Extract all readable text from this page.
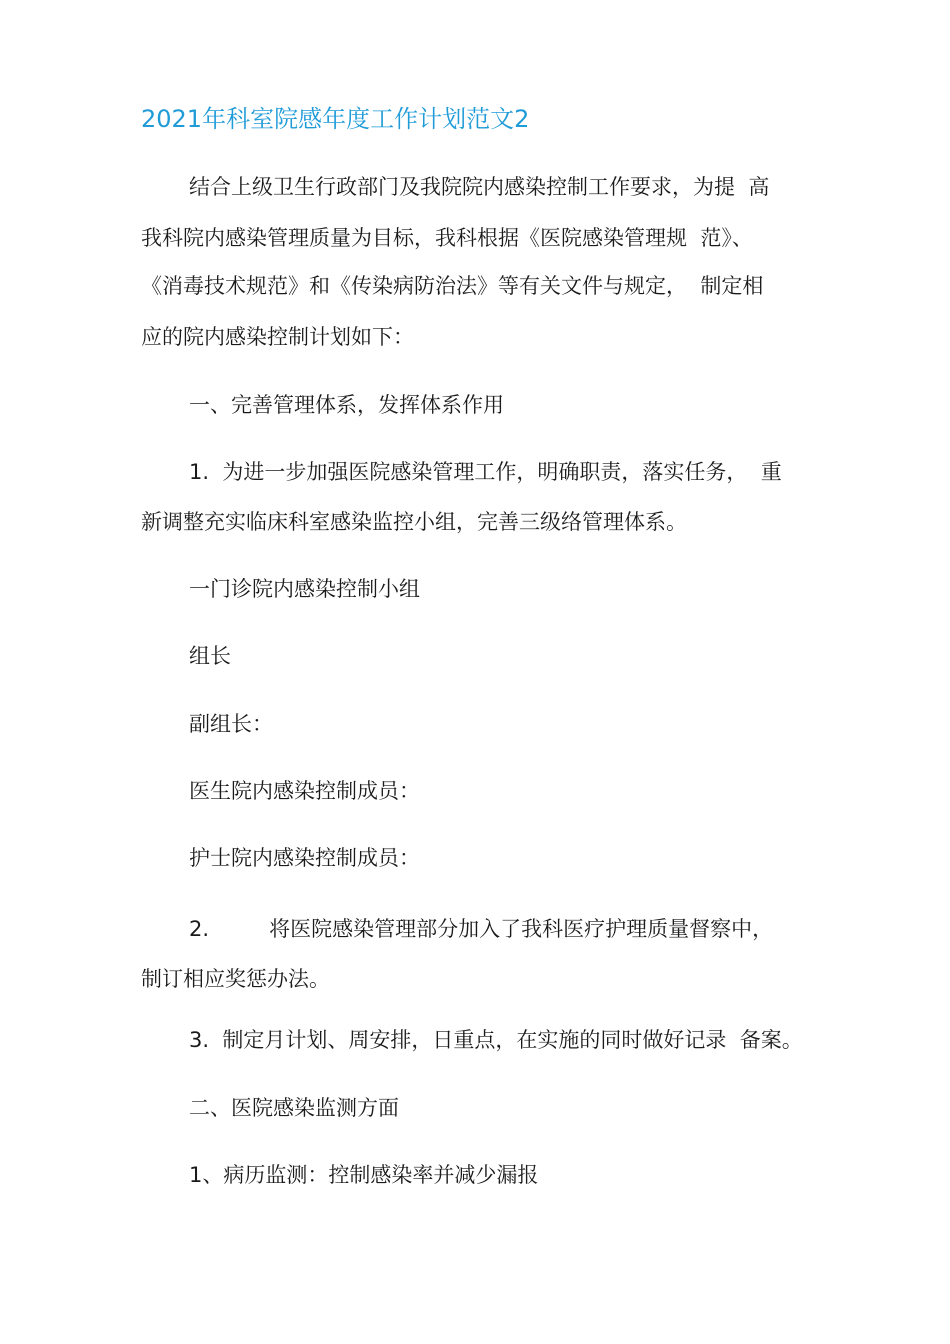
2021年科室院感年度工作计划范文2
结合上级卫生行政部门及我院院内感染控制工作要求，为提  高
我科院内感染管理质量为目标，我科根据《医院感染管理规  范》、
《消毒技术规范》和《传染病防治法》等有关文件与规定，  制定相
应的院内感染控制计划如下：
一、完善管理体系，发挥体系作用
1.  为进一步加强医院感染管理工作，明确职责，落实任务，  重
新调整充实临床科室感染监控小组，完善三级络管理体系。
一门诊院内感染控制小组
组长
副组长：
医生院内感染控制成员：
护士院内感染控制成员：
2.         将医院感染管理部分加入了我科医疗护理质量督察中，
制订相应奖惩办法。
3.  制定月计划、周安排，日重点，在实施的同时做好记录  备案。
二、医院感染监测方面
1、病历监测：控制感染率并减少漏报
